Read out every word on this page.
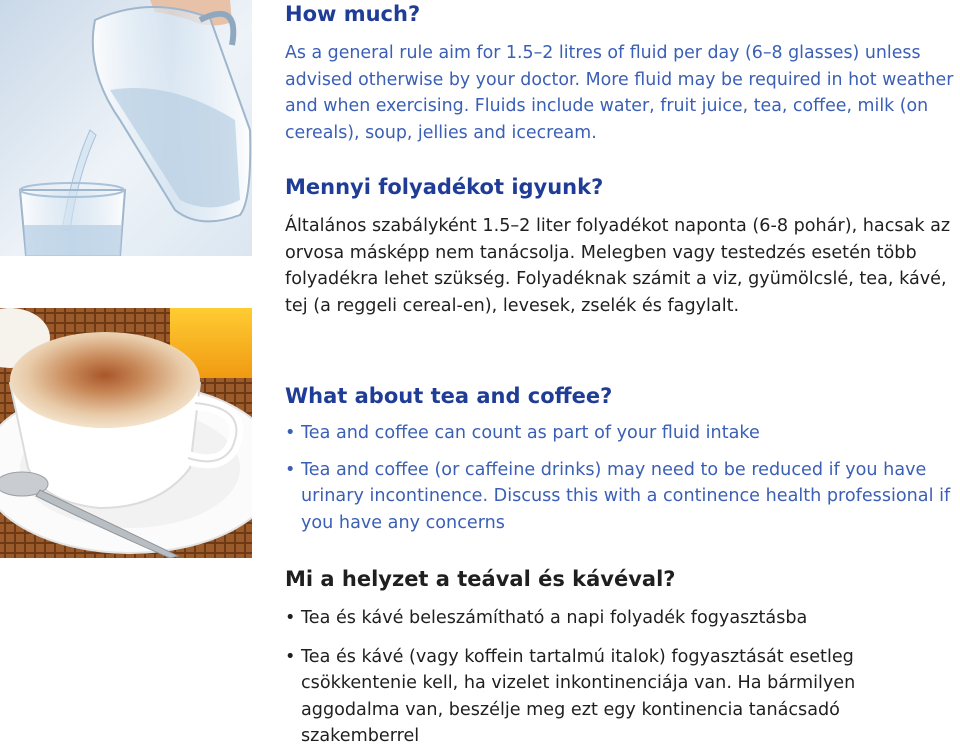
How much?

As a general rule aim for 1.5–2 litres of fluid per day (6–8 glasses) unless advised otherwise by your doctor. More fluid may be required in hot weather and when exercising. Fluids include water, fruit juice, tea, coffee, milk (on cereals), soup, jellies and icecream.

Mennyi folyadékot igyunk?

Általános szabályként 1.5–2 liter folyadékot naponta (6-8 pohár), hacsak az orvosa másképp nem tanácsolja. Melegben vagy testedzés esetén több folyadékra lehet szükség. Folyadéknak számit a viz, gyümölcslé, tea, kávé, tej (a reggeli cereal-en), levesek, zselék és fagylalt.

What about tea and coffee?
• Tea and coffee can count as part of your fluid intake
• Tea and coffee (or caffeine drinks) may need to be reduced if you have urinary incontinence. Discuss this with a continence health professional if you have any concerns
Mi a helyzet a teával és kávéval?
• Tea és kávé beleszámítható a napi folyadék fogyasztásba
• Tea és kávé (vagy koffein tartalmú italok) fogyasztását esetleg csökkentenie kell, ha vizelet inkontinenciája van. Ha bármilyen aggodalma van, beszélje meg ezt egy kontinencia tanácsadó szakemberrel
